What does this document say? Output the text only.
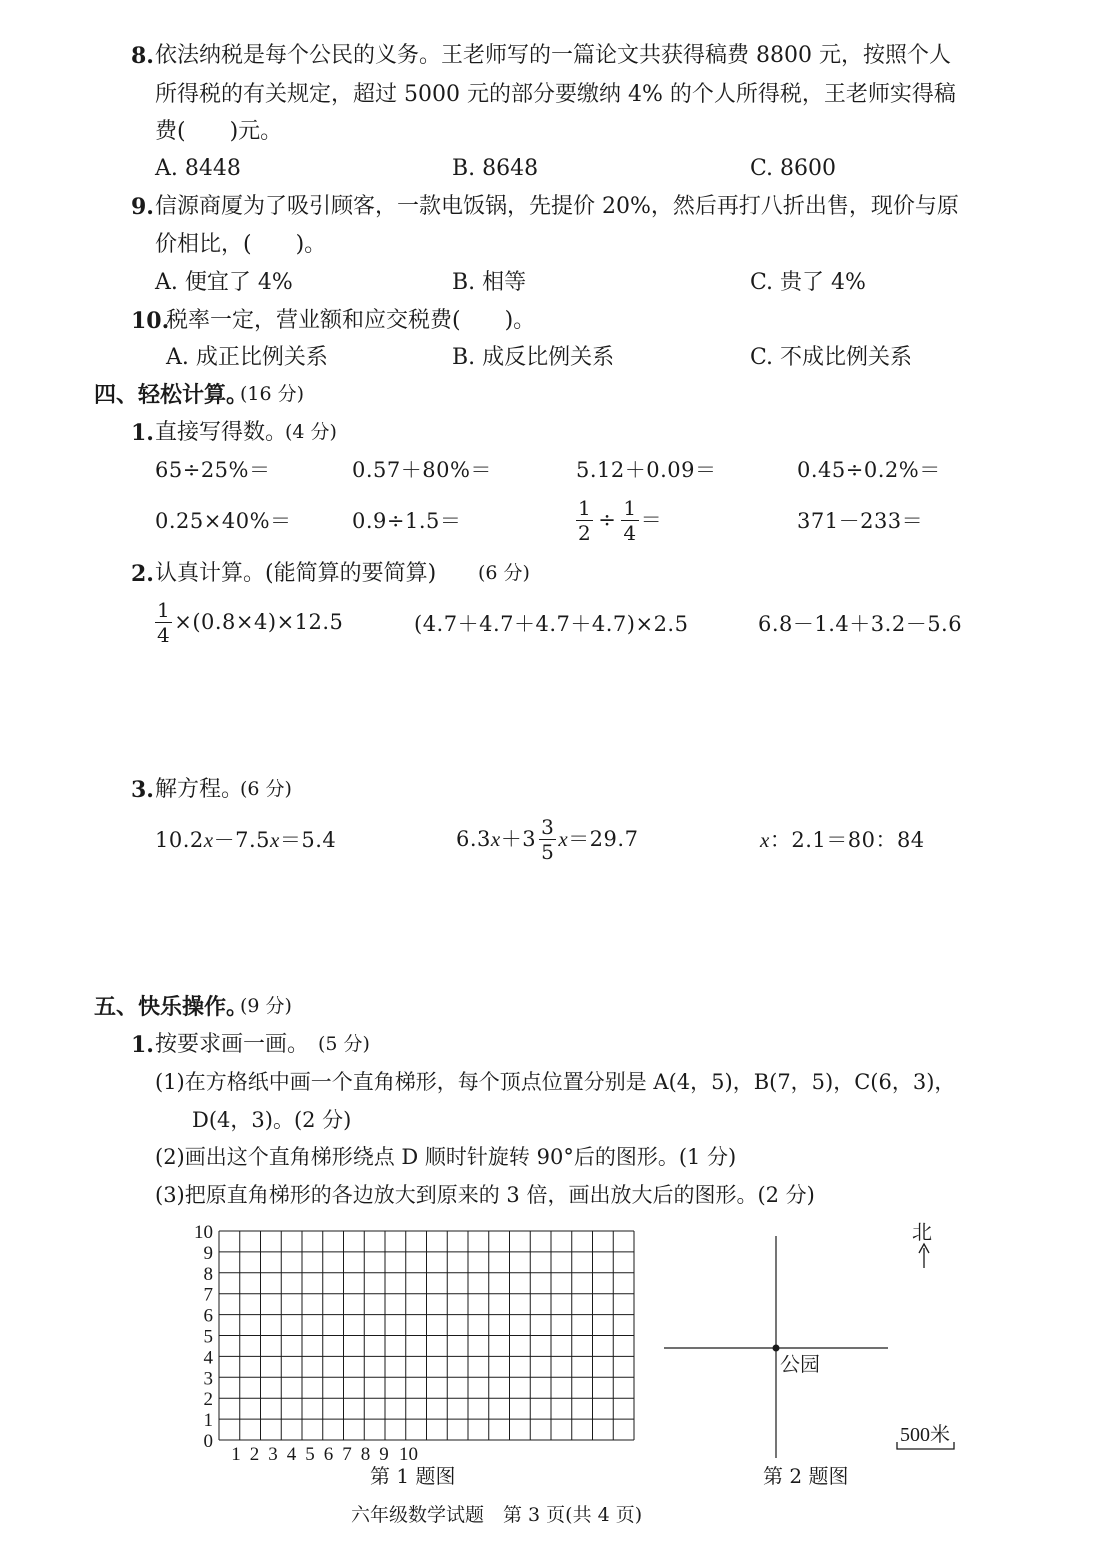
8. 依法纳税是每个公民的义务。王老师写的一篇论文共获得稿费 8800 元，按照个人
所得税的有关规定，超过 5000 元的部分要缴纳 4% 的个人所得税，王老师实得稿
费(　　)元。
A. 8448	B. 8648	C. 8600
9. 信源商厦为了吸引顾客，一款电饭锅，先提价 20%，然后再打八折出售，现价与原
价相比，(　　)。
A. 便宜了 4%	B. 相等	C. 贵了 4%
10.
税率一定，营业额和应交税费(　　)。
A. 成正比例关系	B. 成反比例关系	C. 不成比例关系
四、轻松计算。
(16 分)
1. 直接写得数。
(4 分)
65÷25%＝	0.57＋80%＝	5.12＋0.09＝	0.45÷0.2%＝
0.25×40%＝	0.9÷1.5＝	$\frac{1}{2} \div \frac{1}{4}$ ＝	371－233＝
2. 认真计算。(能简算的要简算) (6 分)
$\frac{1}{4} \times(0.8\times 4)\times 12.5$	(4.7＋4.7＋4.7＋4.7)×2.5	6.8－1.4＋3.2－5.6
3. 解方程。
(6 分)
10.2x－7.5x＝5.4	6.3 $x +3 \frac{3}{5}$ x ＝29.7	x：2.1＝80：84
五、快乐操作。
(9 分)
1. 按要求画一画。 (5 分)
(1)在方格纸中画一个直角梯形，每个顶点位置分别是 A(4，5)，B(7，5)，C(6，3)，
D(4，3)。(2 分)
(2)画出这个直角梯形绕点 D 顺时针旋转 90°后的图形。(1 分)
(3)把原直角梯形的各边放大到原来的 3 倍，画出放大后的图形。(2 分)
0
1
2
3
4
5
6
7
8
9
10
1 2 3 4 5 6 7 8 9 10
第 1 题图
北
公园
500米
第 2 题图
六年级数学试题　第 3 页(共 4 页)
